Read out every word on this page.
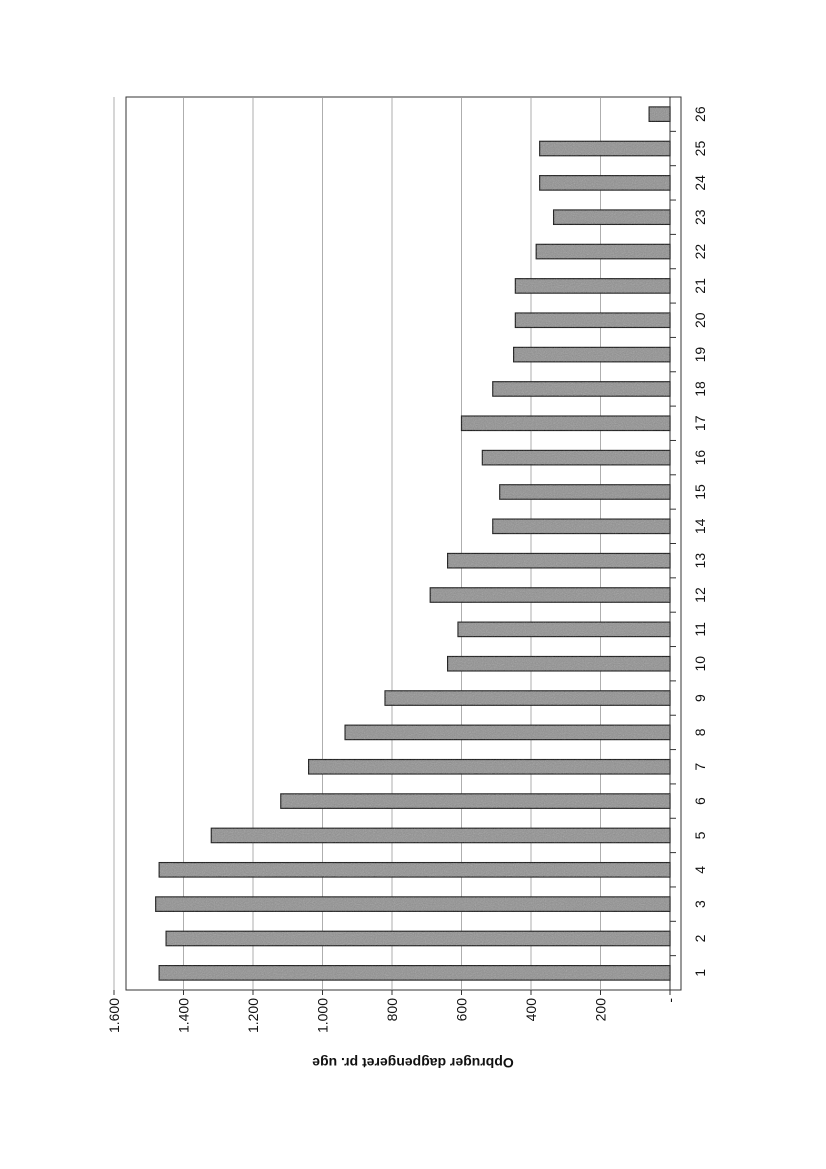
1
2
3
4
5
6
7
8
9
10
11
12
13
14
15
16
17
18
19
20
21
22
23
24
25
26
-
200
400
600
800
1.000
1.200
1.400
1.600
Opbruger dagpengeret pr. uge
